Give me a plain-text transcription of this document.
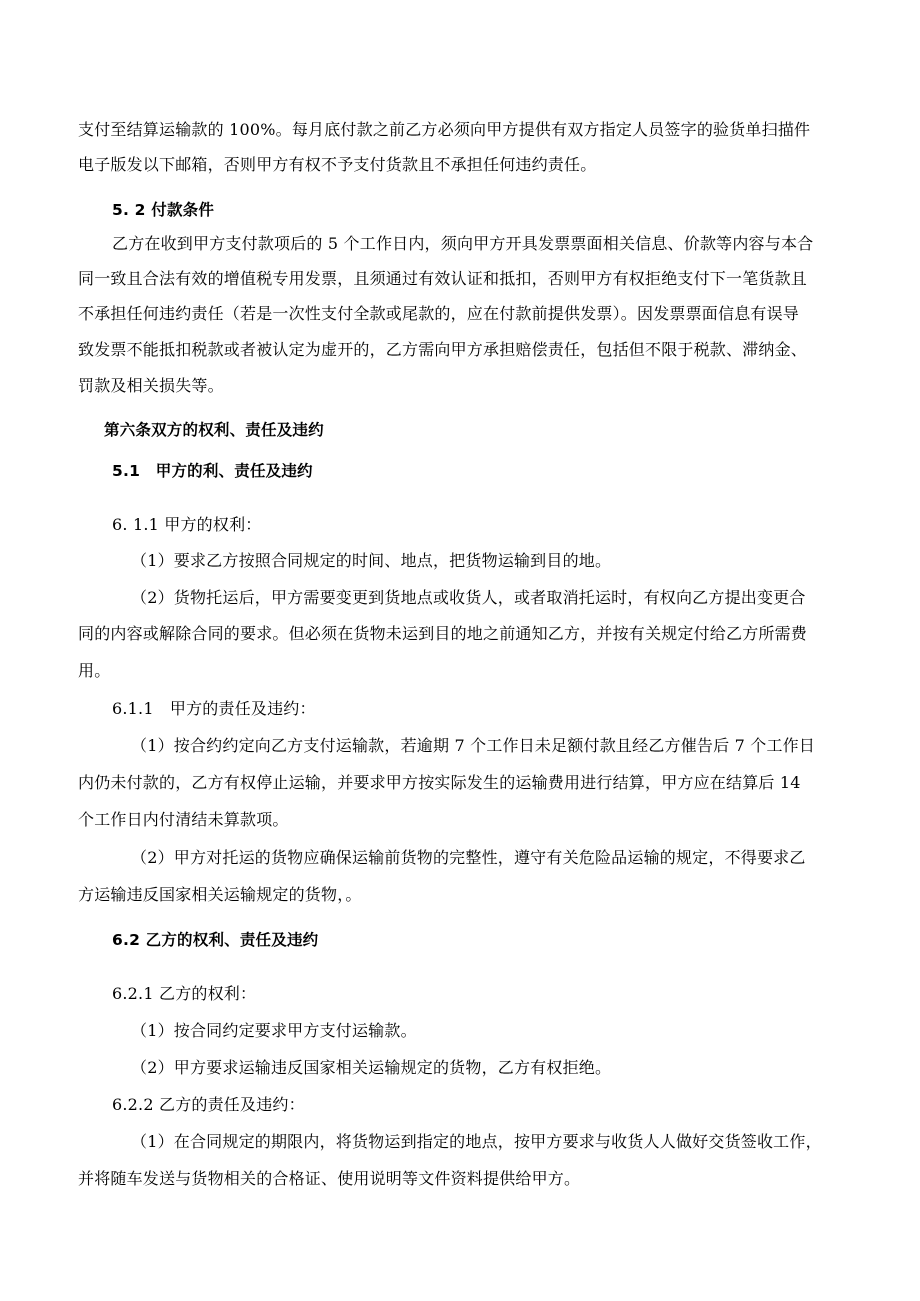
支付至结算运输款的 100%。每月底付款之前乙方必须向甲方提供有双方指定人员签字的验货单扫描件
电子版发以下邮箱，否则甲方有权不予支付货款且不承担任何违约责任。
5. 2 付款条件
乙方在收到甲方支付款项后的 5 个工作日内，须向甲方开具发票票面相关信息、价款等内容与本合
同一致且合法有效的增值税专用发票，且须通过有效认证和抵扣，否则甲方有权拒绝支付下一笔货款且
不承担任何违约责任（若是一次性支付全款或尾款的，应在付款前提供发票）。因发票票面信息有误导
致发票不能抵扣税款或者被认定为虚开的，乙方需向甲方承担赔偿责任，包括但不限于税款、滞纳金、
罚款及相关损失等。
第六条双方的权利、责任及违约
5.1　甲方的利、责任及违约
6. 1.1 甲方的权利：
（1）要求乙方按照合同规定的时间、地点，把货物运输到目的地。
（2）货物托运后，甲方需要变更到货地点或收货人，或者取消托运时，有权向乙方提出变更合
同的内容或解除合同的要求。但必须在货物未运到目的地之前通知乙方，并按有关规定付给乙方所需费
用。
6.1.1　甲方的责任及违约：
（1）按合约约定向乙方支付运输款，若逾期 7 个工作日未足额付款且经乙方催告后 7 个工作日
内仍未付款的，乙方有权停止运输，并要求甲方按实际发生的运输费用进行结算，甲方应在结算后 14
个工作日内付清结未算款项。
（2）甲方对托运的货物应确保运输前货物的完整性，遵守有关危险品运输的规定，不得要求乙
方运输违反国家相关运输规定的货物，。
6.2 乙方的权利、责任及违约
6.2.1 乙方的权利：
（1）按合同约定要求甲方支付运输款。
（2）甲方要求运输违反国家相关运输规定的货物，乙方有权拒绝。
6.2.2 乙方的责任及违约：
（1）在合同规定的期限内，将货物运到指定的地点，按甲方要求与收货人人做好交货签收工作，
并将随车发送与货物相关的合格证、使用说明等文件资料提供给甲方。
